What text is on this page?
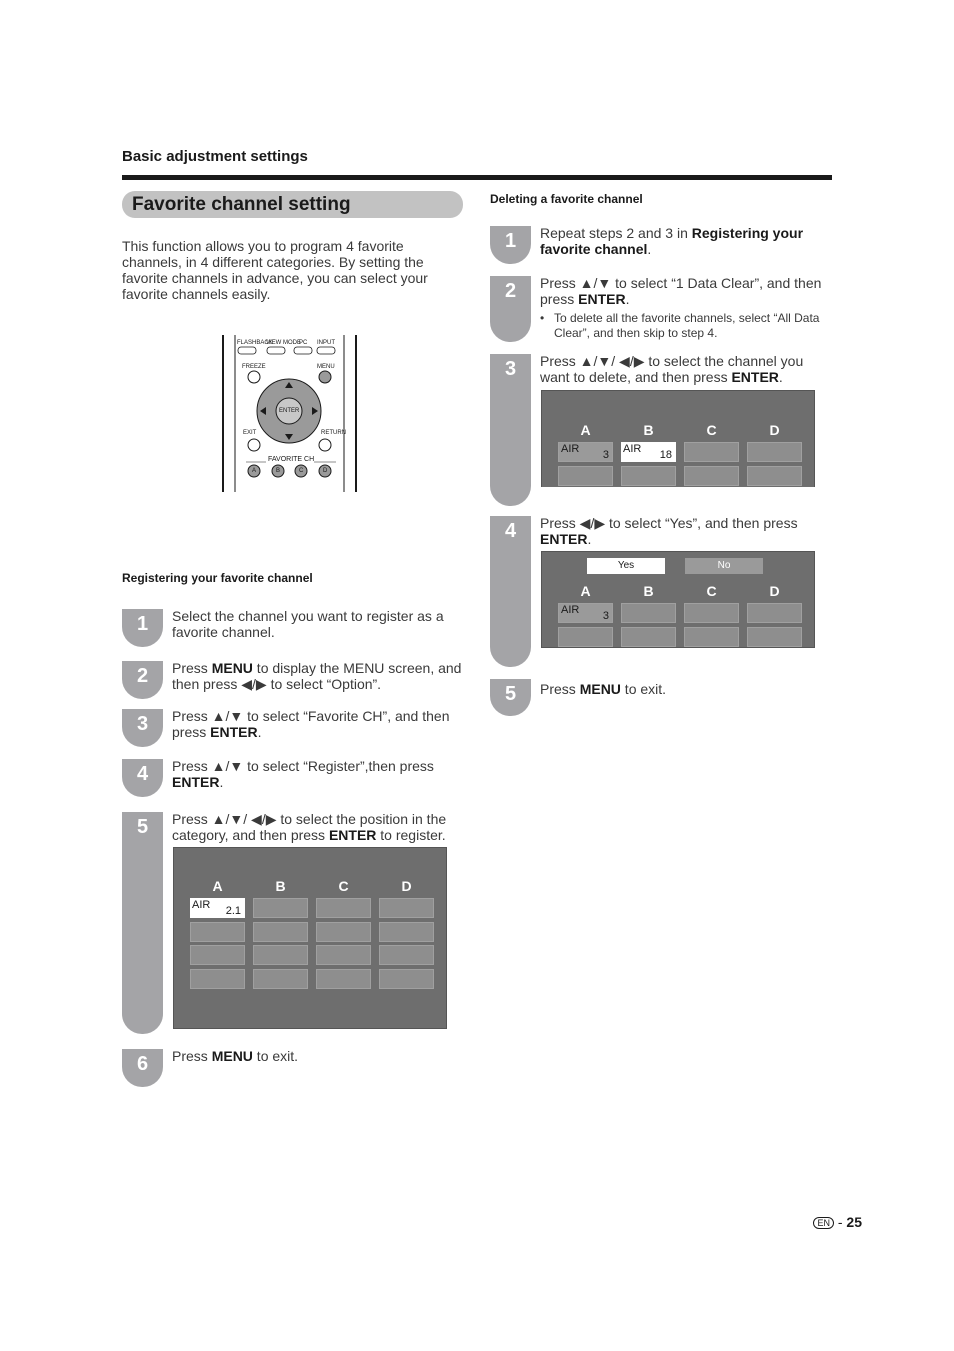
Basic adjustment settings
Favorite channel setting
This function allows you to program 4 favorite channels, in 4 different categories. By setting the favorite channels in advance, you can select your favorite channels easily.
FLASHBACK
VIEW MODE
PC INPUT
FREEZE	MENU
ENTER
EXIT	RETURN
FAVORITE CH
A	B	C	D
Registering your favorite channel
1	Select the channel you want to register as a favorite channel.
2	Press MENU to display the MENU screen, and then press ◀/▶ to select “Option”.
3	Press ▲/▼ to select “Favorite CH”, and then press ENTER.
4	Press ▲/▼ to select “Register”,then press ENTER.
5	Press ▲/▼/ ◀/▶ to select the position in the category, and then press ENTER to register.
A	B	C	D
AIR 2.1
6	Press MENU to exit.
Deleting a favorite channel
1	Repeat steps 2 and 3 in Registering your favorite channel.
2	Press ▲/▼ to select “1 Data Clear”, and then press ENTER.
• To delete all the favorite channels, select “All Data Clear”, and then skip to step 4.
3	Press ▲/▼/ ◀/▶ to select the channel you want to delete, and then press ENTER.
A	B	C	D
AIR 3 AIR 18
4	Press ◀/▶ to select “Yes”, and then press ENTER.
Yes	No
A	B	C	D
AIR 3
5	Press MENU to exit.
EN - 25
